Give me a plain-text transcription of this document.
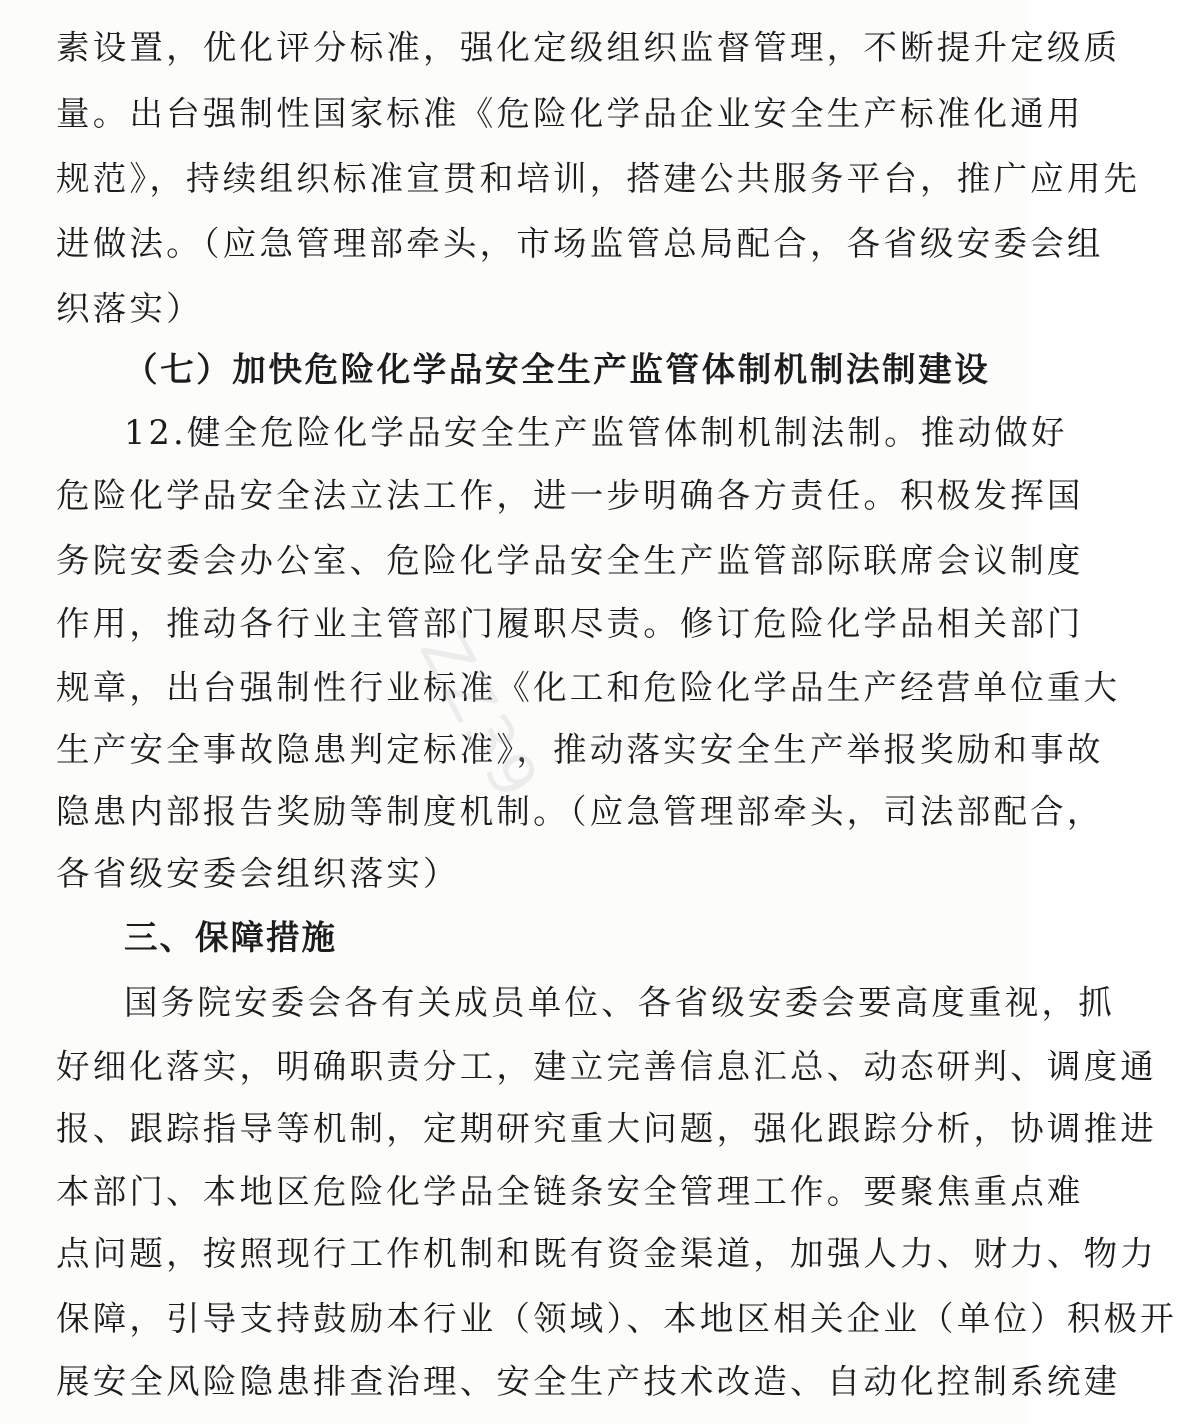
素设置，优化评分标准，强化定级组织监督管理，不断提升定级质
量。出台强制性国家标准《危险化学品企业安全生产标准化通用
规范》，持续组织标准宣贯和培训，搭建公共服务平台，推广应用先
进做法。（应急管理部牵头，市场监管总局配合，各省级安委会组
织落实）
（七）加快危险化学品安全生产监管体制机制法制建设
12.健全危险化学品安全生产监管体制机制法制。推动做好
危险化学品安全法立法工作，进一步明确各方责任。积极发挥国
务院安委会办公室、危险化学品安全生产监管部际联席会议制度
作用，推动各行业主管部门履职尽责。修订危险化学品相关部门
规章，出台强制性行业标准《化工和危险化学品生产经营单位重大
生产安全事故隐患判定标准》，推动落实安全生产举报奖励和事故
隐患内部报告奖励等制度机制。（应急管理部牵头，司法部配合，
各省级安委会组织落实）
三、保障措施
国务院安委会各有关成员单位、各省级安委会要高度重视，抓
好细化落实，明确职责分工，建立完善信息汇总、动态研判、调度通
报、跟踪指导等机制，定期研究重大问题，强化跟踪分析，协调推进
本部门、本地区危险化学品全链条安全管理工作。要聚焦重点难
点问题，按照现行工作机制和既有资金渠道，加强人力、财力、物力
保障，引导支持鼓励本行业（领域）、本地区相关企业（单位）积极开
展安全风险隐患排查治理、安全生产技术改造、自动化控制系统建
ZZ39
